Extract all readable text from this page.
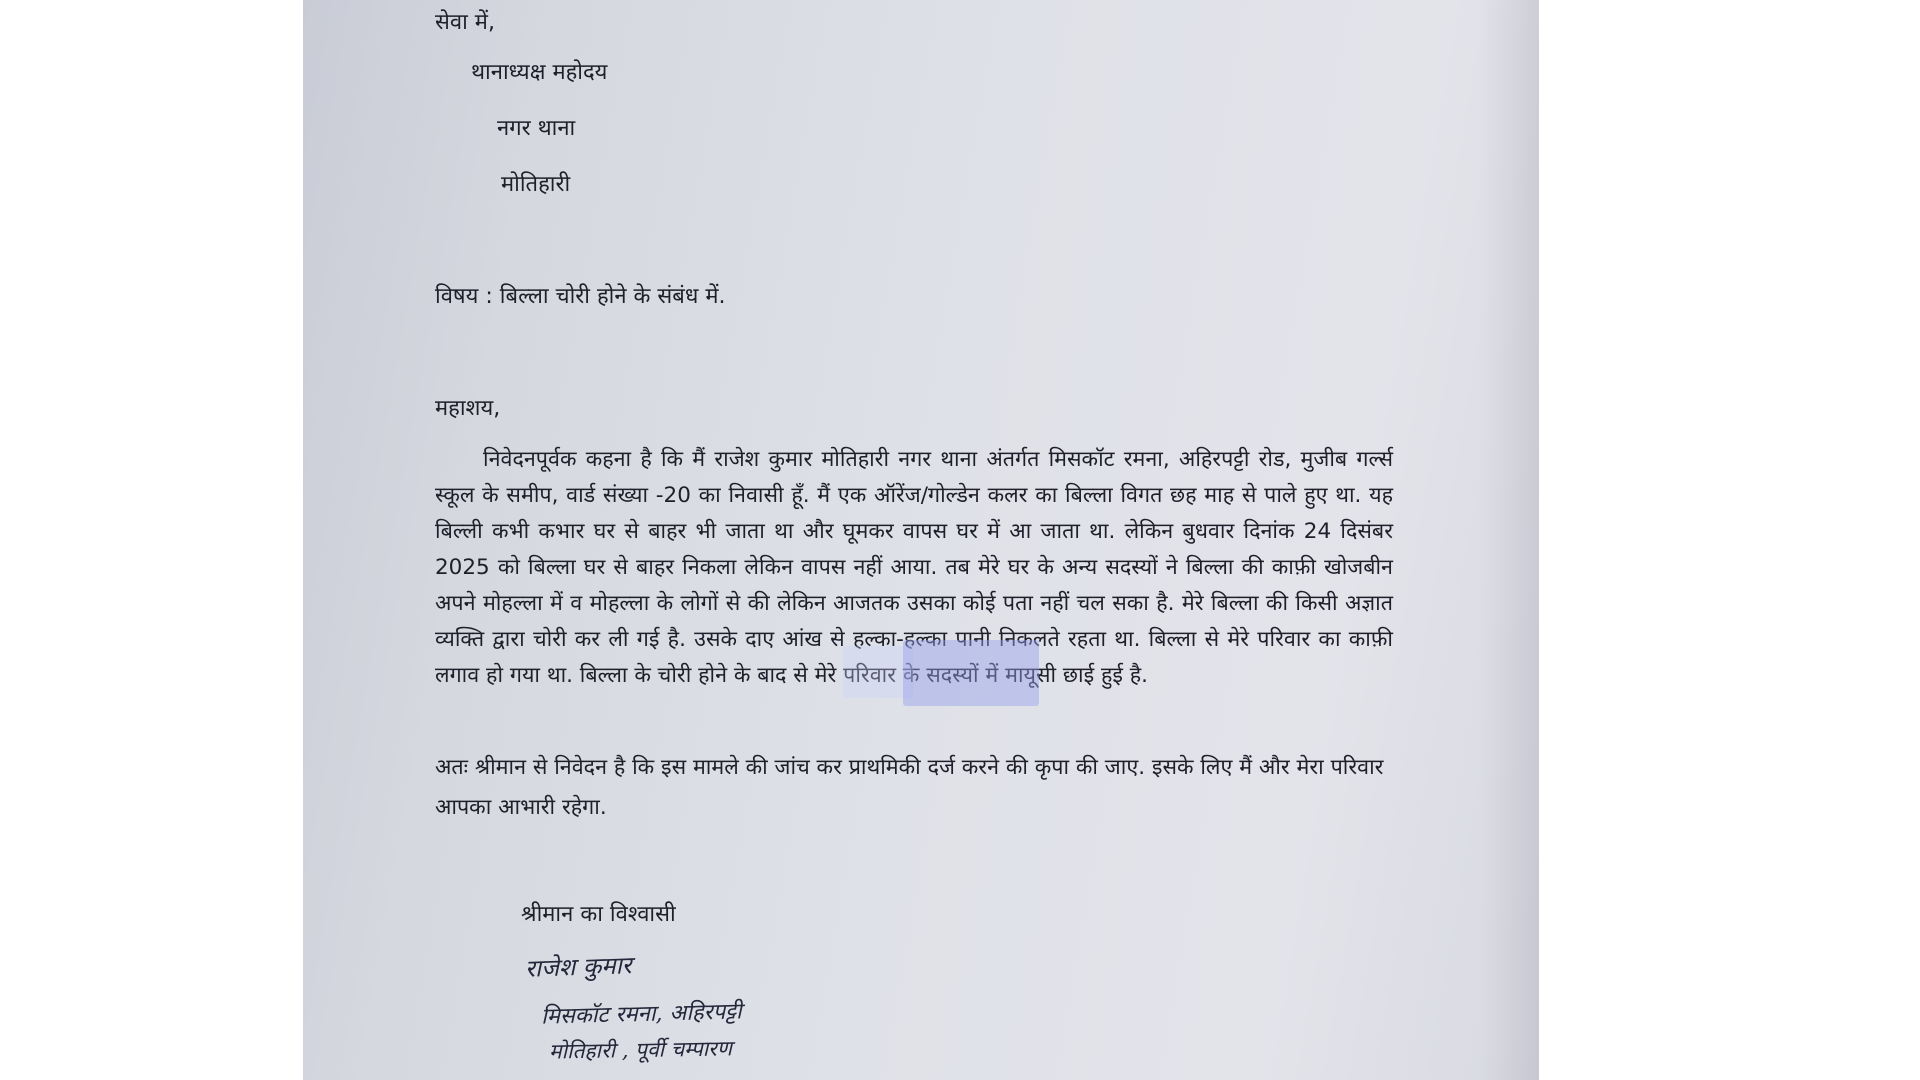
सेवा में,
थानाध्यक्ष महोदय
नगर थाना
मोतिहारी
विषय : बिल्ला चोरी होने के संबंध में.
महाशय,
निवेदनपूर्वक कहना है कि मैं राजेश कुमार मोतिहारी नगर थाना अंतर्गत मिसकॉट रमना, अहिरपट्टी रोड, मुजीब गर्ल्स स्कूल के समीप, वार्ड संख्या -20 का निवासी हूँ. मैं एक ऑरेंज/गोल्डेन कलर का बिल्ला विगत छह माह से पाले हुए था. यह बिल्ली कभी कभार घर से बाहर भी जाता था और घूमकर वापस घर में आ जाता था. लेकिन बुधवार दिनांक 24 दिसंबर 2025 को बिल्ला घर से बाहर निकला लेकिन वापस नहीं आया. तब मेरे घर के अन्य सदस्यों ने बिल्ला की काफ़ी खोजबीन अपने मोहल्ला में व मोहल्ला के लोगों से की लेकिन आजतक उसका कोई पता नहीं चल सका है. मेरे बिल्ला की किसी अज्ञात व्यक्ति द्वारा चोरी कर ली गई है. उसके दाए आंख से हल्का-हल्का पानी निकलते रहता था. बिल्ला से मेरे परिवार का काफ़ी लगाव हो गया था. बिल्ला के चोरी होने के बाद से मेरे परिवार के सदस्यों में मायूसी छाई हुई है.
अतः श्रीमान से निवेदन है कि इस मामले की जांच कर प्राथमिकी दर्ज करने की कृपा की जाए. इसके लिए मैं और मेरा परिवार आपका आभारी रहेगा.
श्रीमान का विश्वासी
राजेश कुमार
मिसकॉट रमना, अहिरपट्टी
मोतिहारी , पूर्वी चम्पारण
